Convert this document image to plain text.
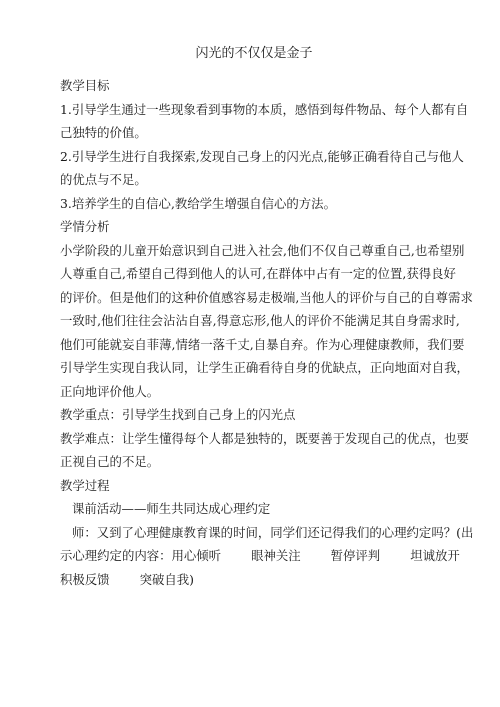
闪光的不仅仅是金子

教学目标

1.引导学生通过一些现象看到事物的本质，感悟到每件物品、每个人都有自

己独特的价值。

2.引导学生进行自我探索,发现自己身上的闪光点,能够正确看待自己与他人

的优点与不足。

3.培养学生的自信心,教给学生增强自信心的方法。

学情分析

小学阶段的儿童开始意识到自己进入社会,他们不仅自己尊重自己,也希望别

人尊重自己,希望自己得到他人的认可,在群体中占有一定的位置,获得良好

的评价。但是他们的这种价值感容易走极端,当他人的评价与自己的自尊需求

一致时,他们往往会沾沾自喜,得意忘形,他人的评价不能满足其自身需求时,

他们可能就妄自菲薄,情绪一落千丈,自暴自弃。作为心理健康教师，我们要

引导学生实现自我认同，让学生正确看待自身的优缺点，正向地面对自我，

正向地评价他人。

教学重点：引导学生找到自己身上的闪光点

教学难点：让学生懂得每个人都是独特的，既要善于发现自己的优点，也要

正视自己的不足。

教学过程

课前活动——师生共同达成心理约定

师：又到了心理健康教育课的时间，同学们还记得我们的心理约定吗？(出

示心理约定的内容：用心倾听 眼神关注 暂停评判 坦诚放开

积极反馈 突破自我)
